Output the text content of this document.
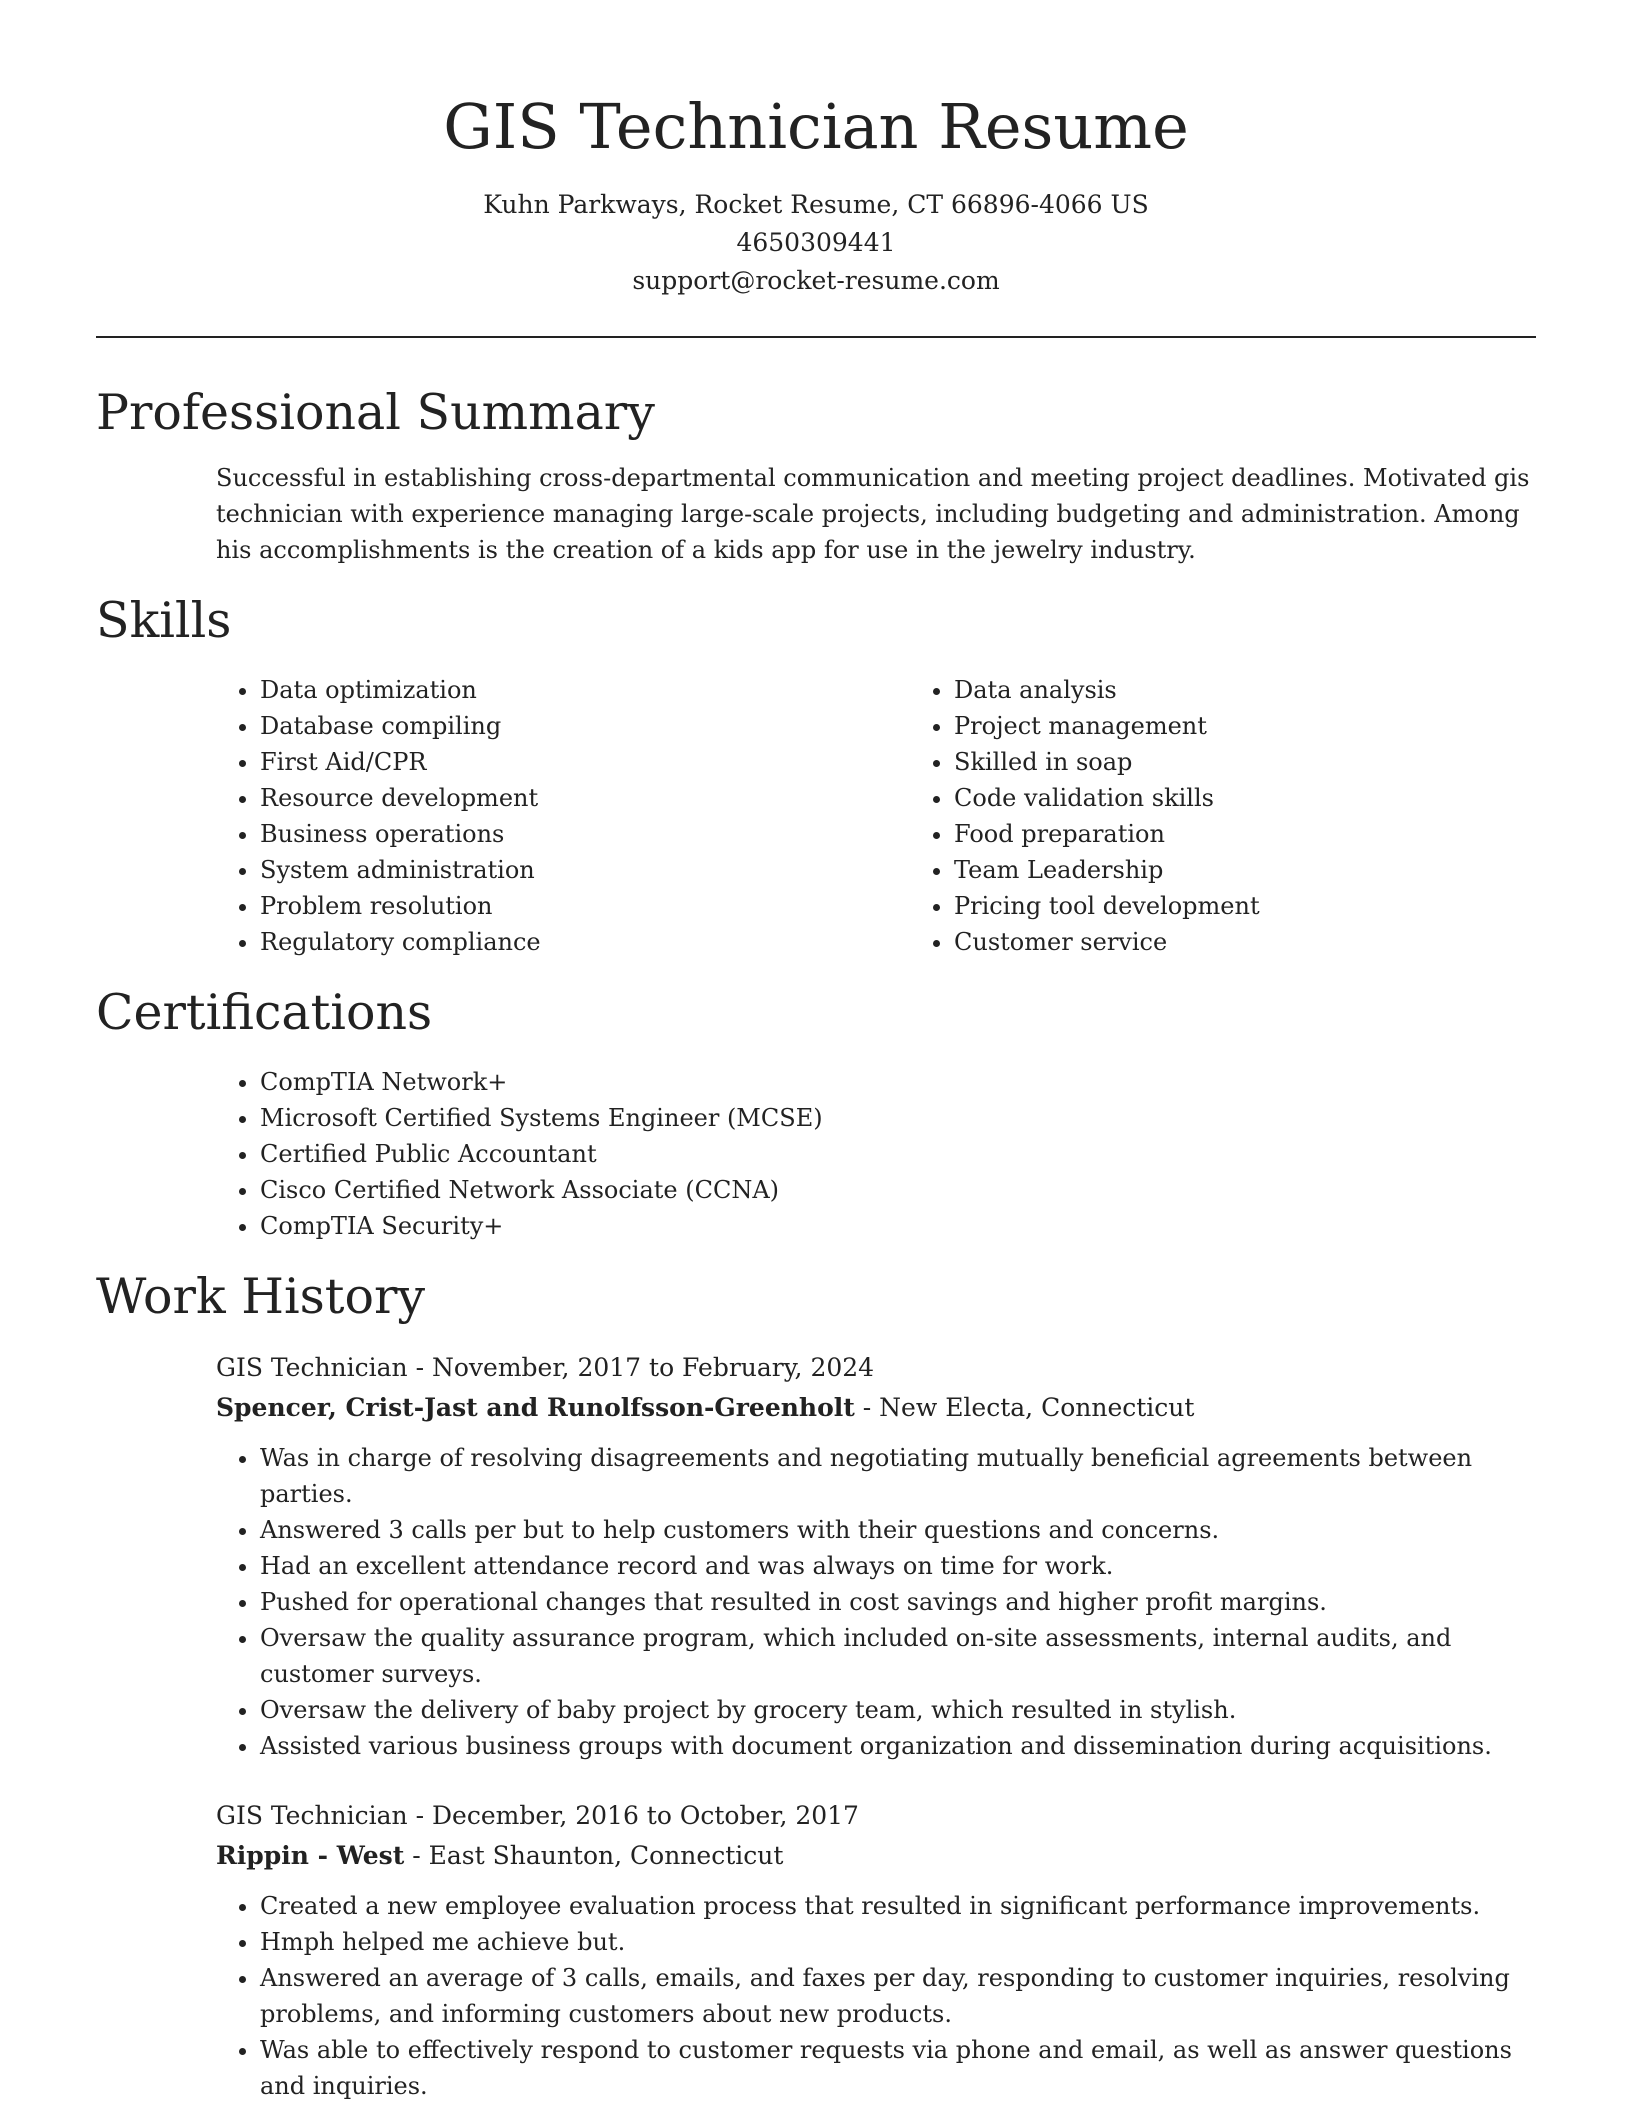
GIS Technician Resume
Kuhn Parkways, Rocket Resume, CT 66896-4066 US
4650309441
support@rocket-resume.com
Professional Summary
Successful in establishing cross-departmental communication and meeting project deadlines. Motivated gis technician with experience managing large-scale projects, including budgeting and administration. Among his accomplishments is the creation of a kids app for use in the jewelry industry.
Skills
• Data optimization
• Database compiling
• First Aid/CPR
• Resource development
• Business operations
• System administration
• Problem resolution
• Regulatory compliance
• Data analysis
• Project management
• Skilled in soap
• Code validation skills
• Food preparation
• Team Leadership
• Pricing tool development
• Customer service
Certifications
• CompTIA Network+
• Microsoft Certified Systems Engineer (MCSE)
• Certified Public Accountant
• Cisco Certified Network Associate (CCNA)
• CompTIA Security+
Work History
GIS Technician - November, 2017 to February, 2024
Spencer, Crist-Jast and Runolfsson-Greenholt - New Electa, Connecticut
• Was in charge of resolving disagreements and negotiating mutually beneficial agreements between parties.
• Answered 3 calls per but to help customers with their questions and concerns.
• Had an excellent attendance record and was always on time for work.
• Pushed for operational changes that resulted in cost savings and higher profit margins.
• Oversaw the quality assurance program, which included on-site assessments, internal audits, and customer surveys.
• Oversaw the delivery of baby project by grocery team, which resulted in stylish.
• Assisted various business groups with document organization and dissemination during acquisitions.
GIS Technician - December, 2016 to October, 2017
Rippin - West - East Shaunton, Connecticut
• Created a new employee evaluation process that resulted in significant performance improvements.
• Hmph helped me achieve but.
• Answered an average of 3 calls, emails, and faxes per day, responding to customer inquiries, resolving problems, and informing customers about new products.
• Was able to effectively respond to customer requests via phone and email, as well as answer questions and inquiries.
